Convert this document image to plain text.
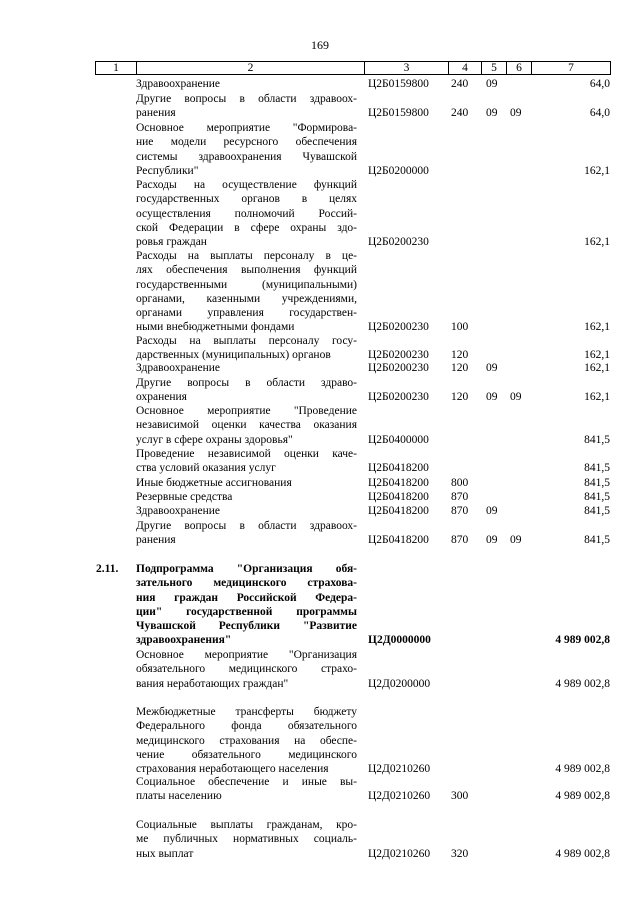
169
1	2	3	4	5	6	7
Здравоохранение	Ц2Б0159800	240	09	64,0
Другие вопросы в области здравоох-
ранения	Ц2Б0159800	240	09	09	64,0
Основное мероприятие "Формирова-
ние модели ресурсного обеспечения
системы здравоохранения Чувашской
Республики"	Ц2Б0200000	162,1
Расходы на осуществление функций
государственных органов в целях
осуществления полномочий Россий-
ской Федерации в сфере охраны здо-
ровья граждан	Ц2Б0200230	162,1
Расходы на выплаты персоналу в це-
лях обеспечения выполнения функций
государственными (муниципальными)
органами, казенными учреждениями,
органами управления государствен-
ными внебюджетными фондами	Ц2Б0200230	100	162,1
Расходы на выплаты персоналу госу-
дарственных (муниципальных) органов	Ц2Б0200230	120	162,1
Здравоохранение	Ц2Б0200230	120	09	162,1
Другие вопросы в области здраво-
охранения	Ц2Б0200230	120	09	09	162,1
Основное мероприятие "Проведение
независимой оценки качества оказания
услуг в сфере охраны здоровья"	Ц2Б0400000	841,5
Проведение независимой оценки каче-
ства условий оказания услуг	Ц2Б0418200	841,5
Иные бюджетные ассигнования	Ц2Б0418200	800	841,5
Резервные средства	Ц2Б0418200	870	841,5
Здравоохранение	Ц2Б0418200	870	09	841,5
Другие вопросы в области здравоох-
ранения	Ц2Б0418200	870	09	09	841,5
2.11.	Подпрограмма "Организация обя-
зательного медицинского страхова-
ния граждан Российской Федера-
ции" государственной программы
Чувашской Республики "Развитие
здравоохранения"	Ц2Д0000000	4 989 002,8
Основное мероприятие "Организация
обязательного медицинского страхо-
вания неработающих граждан"	Ц2Д0200000	4 989 002,8
Межбюджетные трансферты бюджету
Федерального фонда обязательного
медицинского страхования на обеспе-
чение обязательного медицинского
страхования неработающего населения	Ц2Д0210260	4 989 002,8
Социальное обеспечение и иные вы-
платы населению	Ц2Д0210260	300	4 989 002,8
Социальные выплаты гражданам, кро-
ме публичных нормативных социаль-
ных выплат	Ц2Д0210260	320	4 989 002,8
